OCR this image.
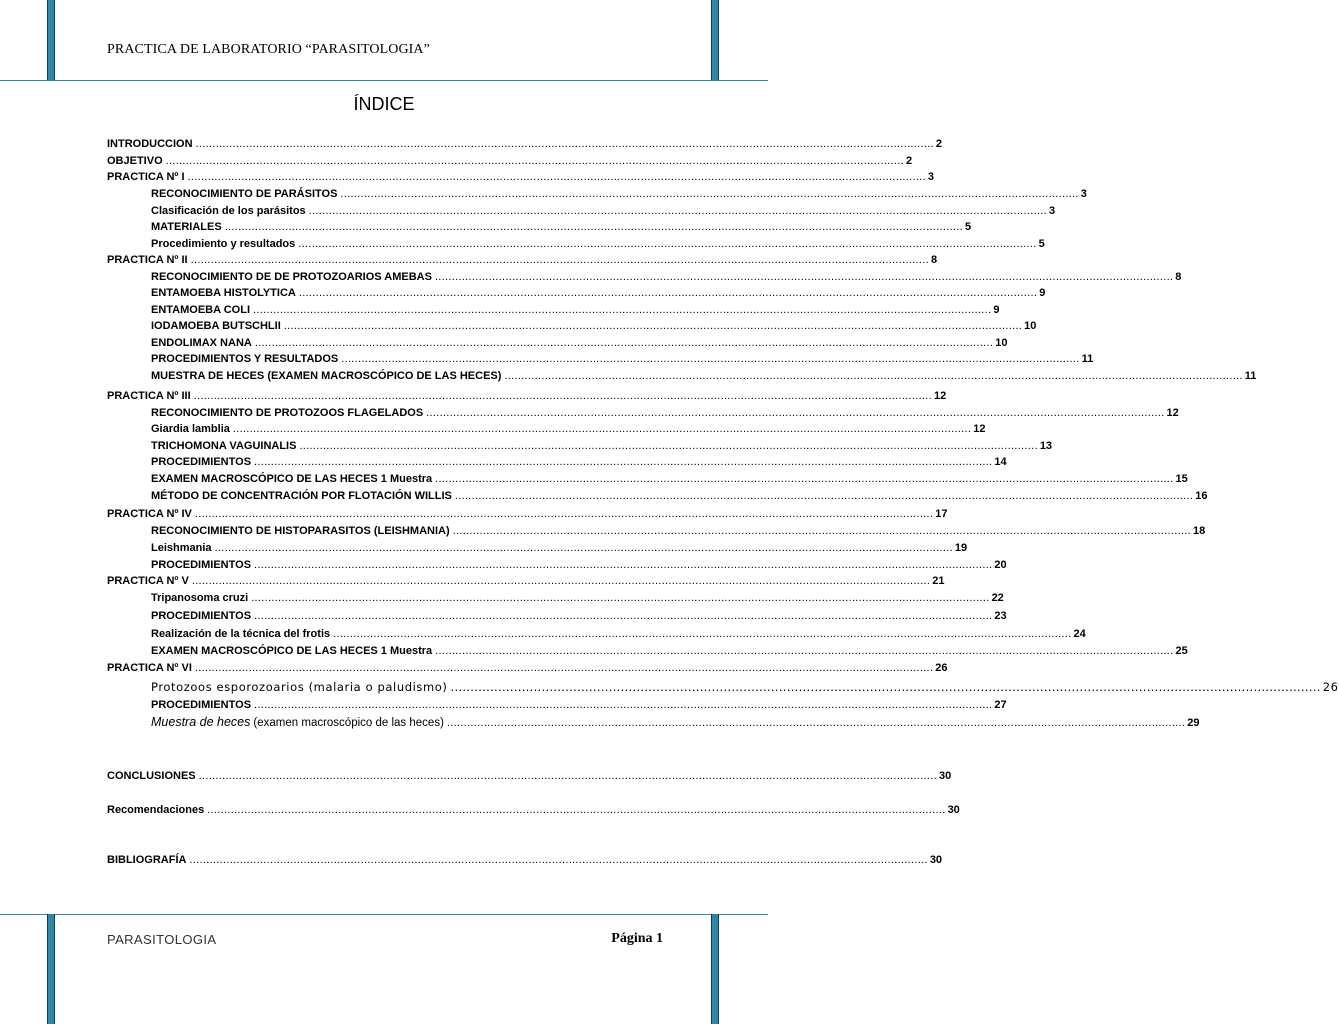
PRACTICA DE LABORATORIO “PARASITOLOGIA”
ÍNDICE
INTRODUCCION ............................................................................................................................................................................................................................ 2
OBJETIVO ............................................................................................................................................................................................................................ 2
PRACTICA Nº I ............................................................................................................................................................................................................................ 3
RECONOCIMIENTO DE PARÁSITOS ............................................................................................................................................................................................................................ 3
Clasificación de los parásitos ............................................................................................................................................................................................................................ 3
MATERIALES ............................................................................................................................................................................................................................ 5
Procedimiento y resultados ............................................................................................................................................................................................................................ 5
PRACTICA Nº II ............................................................................................................................................................................................................................ 8
RECONOCIMIENTO DE DE PROTOZOARIOS AMEBAS ............................................................................................................................................................................................................................ 8
ENTAMOEBA HISTOLYTICA ............................................................................................................................................................................................................................ 9
ENTAMOEBA COLI ............................................................................................................................................................................................................................ 9
IODAMOEBA BUTSCHLII ............................................................................................................................................................................................................................ 10
ENDOLIMAX NANA ............................................................................................................................................................................................................................ 10
PROCEDIMIENTOS Y RESULTADOS ............................................................................................................................................................................................................................ 11
MUESTRA DE HECES (EXAMEN MACROSCÓPICO DE LAS HECES) ............................................................................................................................................................................................................................ 11
PRACTICA Nº III ............................................................................................................................................................................................................................ 12
RECONOCIMIENTO DE PROTOZOOS FLAGELADOS ............................................................................................................................................................................................................................ 12
Giardia lamblia ............................................................................................................................................................................................................................ 12
TRICHOMONA VAGUINALIS ............................................................................................................................................................................................................................ 13
PROCEDIMIENTOS ............................................................................................................................................................................................................................ 14
EXAMEN MACROSCÓPICO DE LAS HECES 1 Muestra ............................................................................................................................................................................................................................ 15
MÉTODO DE CONCENTRACIÓN POR FLOTACIÓN WILLIS ............................................................................................................................................................................................................................ 16
PRACTICA Nº IV ............................................................................................................................................................................................................................ 17
RECONOCIMIENTO DE HISTOPARASITOS (LEISHMANIA) ............................................................................................................................................................................................................................ 18
Leishmania ............................................................................................................................................................................................................................ 19
PROCEDIMIENTOS ............................................................................................................................................................................................................................ 20
PRACTICA Nº V ............................................................................................................................................................................................................................ 21
Tripanosoma cruzi ............................................................................................................................................................................................................................ 22
PROCEDIMIENTOS ............................................................................................................................................................................................................................ 23
Realización de la técnica del frotis ............................................................................................................................................................................................................................ 24
EXAMEN MACROSCÓPICO DE LAS HECES 1 Muestra ............................................................................................................................................................................................................................ 25
PRACTICA Nº VI ............................................................................................................................................................................................................................ 26
Protozoos esporozoarios (malaria o paludismo) ............................................................................................................................................................................................................................ 26
PROCEDIMIENTOS ............................................................................................................................................................................................................................ 27
Muestra de heces (examen macroscópico de las heces) ............................................................................................................................................................................................................................ 29
CONCLUSIONES ............................................................................................................................................................................................................................ 30
Recomendaciones ............................................................................................................................................................................................................................ 30
BIBLIOGRAFÍA ............................................................................................................................................................................................................................ 30
PARASITOLOGIA	Página 1
